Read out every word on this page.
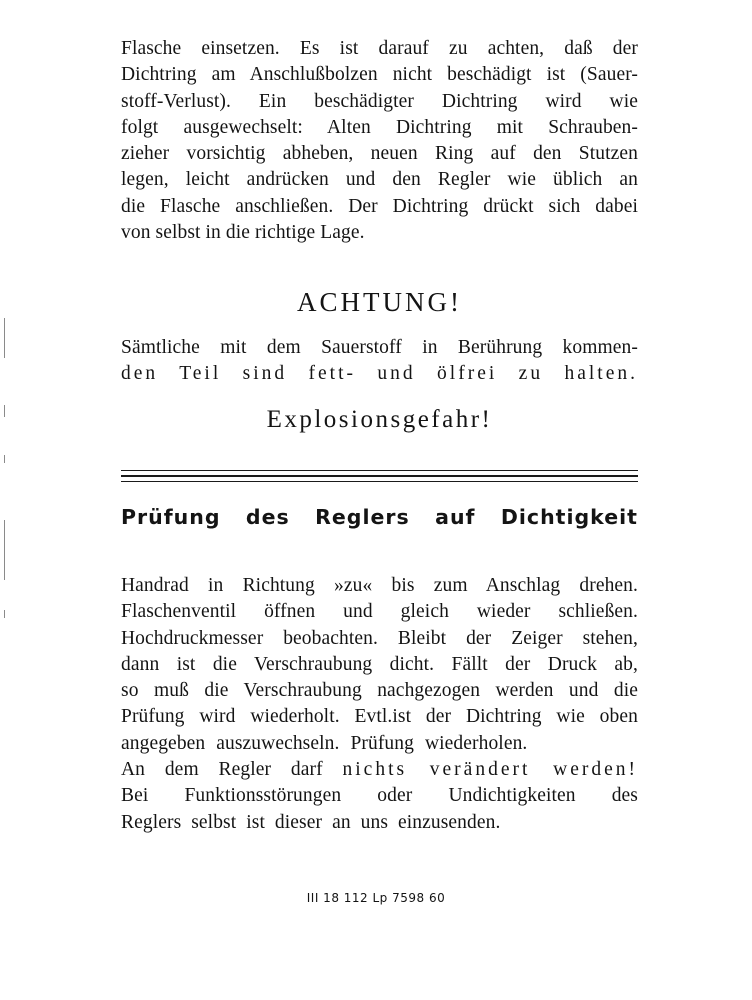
Flasche einsetzen. Es ist darauf zu achten, daß der
Dichtring am Anschlußbolzen nicht beschädigt ist (Sauer-
stoff-Verlust). Ein beschädigter Dichtring wird wie
folgt ausgewechselt: Alten Dichtring mit Schrauben-
zieher vorsichtig abheben, neuen Ring auf den Stutzen
legen, leicht andrücken und den Regler wie üblich an
die Flasche anschließen. Der Dichtring drückt sich dabei
von selbst in die richtige Lage.

ACHTUNG!

Sämtliche mit dem Sauerstoff in Berührung kommen-
den Teil sind fett- und ölfrei zu halten.

Explosionsgefahr!
Prüfung des Reglers auf Dichtigkeit

Handrad in Richtung »zu« bis zum Anschlag drehen.
Flaschenventil öffnen und gleich wieder schließen.
Hochdruckmesser beobachten. Bleibt der Zeiger stehen,
dann ist die Verschraubung dicht. Fällt der Druck ab,
so muß die Verschraubung nachgezogen werden und die
Prüfung wird wiederholt. Evtl.ist der Dichtring wie oben
angegeben auszuwechseln. Prüfung wiederholen.
An dem Regler darf nichts verändert werden!
Bei Funktionsstörungen oder Undichtigkeiten des
Reglers selbst ist dieser an uns einzusenden.

III 18 112 Lp 7598 60
